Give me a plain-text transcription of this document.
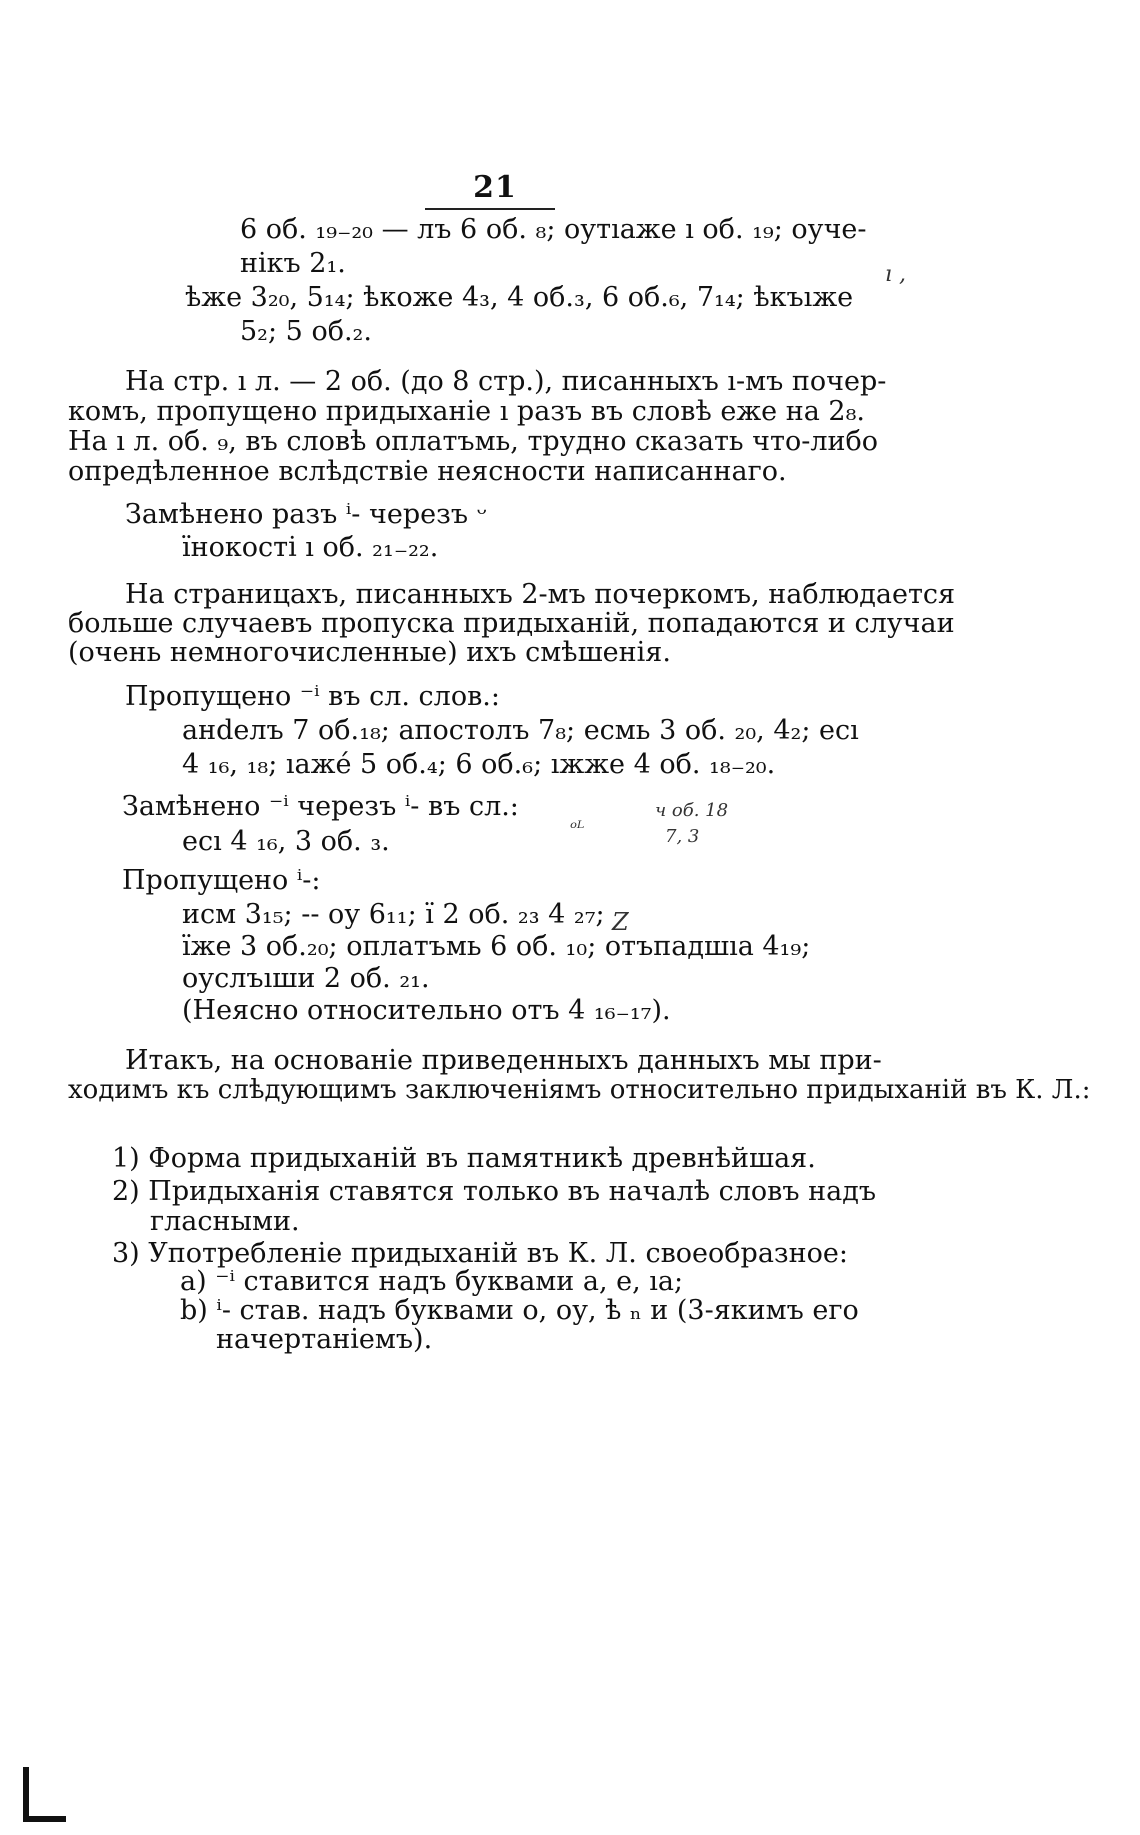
21
6 об. ₁₉₋₂₀ — лъ 6 об. ₈; оутıаже ı об. ₁₉; оуче-
нікъ 2₁.
ѣже 3₂₀, 5₁₄; ѣкоже 4₃, 4 об.₃, 6 об.₆, 7₁₄; ѣкъıже
5₂; 5 об.₂.
На стр. ı л. — 2 об. (до 8 стр.), писанныхъ ı-мъ почер-
комъ, пропущено придыханіе ı разъ въ словѣ еже на 2₈.
На ı л. об. ₉, въ словѣ оплатъмь, трудно сказать что-либо
опредѣленное вслѣдствіе неясности написаннаго.
Замѣнено разъ ⁱ- черезъ ᵕ
їнокості ı об. ₂₁₋₂₂.
На страницахъ, писанныхъ 2-мъ почеркомъ, наблюдается
больше случаевъ пропуска придыханій, попадаются и случаи
(очень немногочисленные) ихъ смѣшенія.
Пропущено ⁻ⁱ въ сл. слов.:
анdелъ 7 об.₁₈; апостолъ 7₈; есмь 3 об. ₂₀, 4₂; есı
4 ₁₆, ₁₈; ıажé 5 об.₄; 6 об.₆; ıжже 4 об. ₁₈₋₂₀.
Замѣнено ⁻ⁱ черезъ ⁱ- въ сл.:
есı 4 ₁₆, 3 об. ₃.
Пропущено ⁱ-:
исм 3₁₅; -- оу 6₁₁; ї 2 об. ₂₃ 4 ₂₇;
їже 3 об.₂₀; оплатъмь 6 об. ₁₀; отъпадшıа 4₁₉;
оуслъıши 2 об. ₂₁.
(Неясно относительно отъ 4 ₁₆₋₁₇).
Итакъ, на основаніе приведенныхъ данныхъ мы при-
ходимъ къ слѣдующимъ заключеніямъ относительно придыханій въ К. Л.:
1) Форма придыханій въ памятникѣ древнѣйшая.
2) Придыханія ставятся только въ началѣ словъ надъ
гласными.
3) Употребленіе придыханій въ К. Л. своеобразное:
а) ⁻ⁱ ставится надъ буквами а, е, ıа;
b) ⁱ- став. надъ буквами о, оу, ѣ ₙ и (3-якимъ его
начертаніемъ).
ı ,
ч об. 18
ᵒᴸ	7, 3
Z
